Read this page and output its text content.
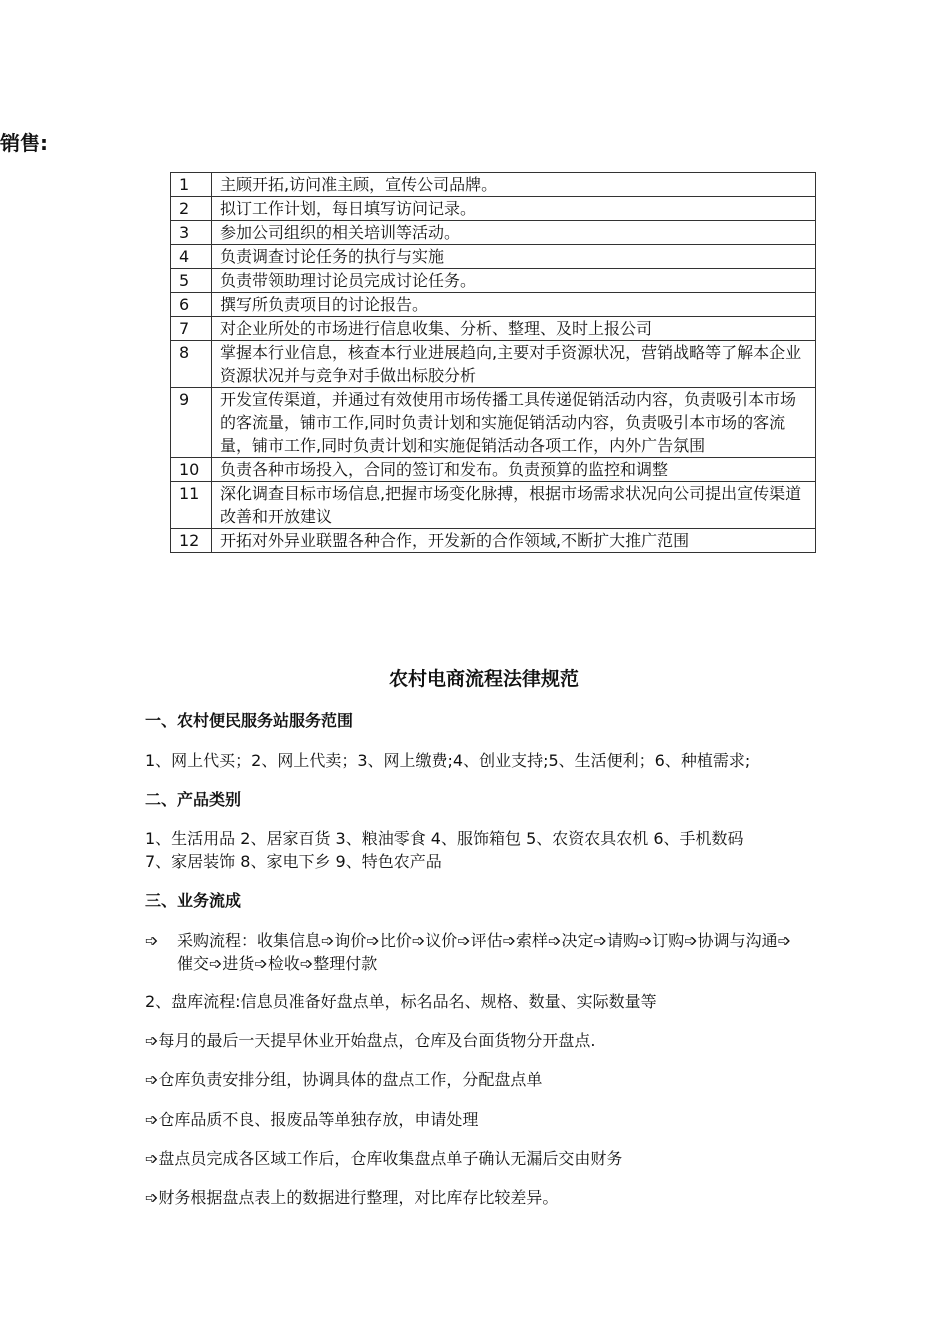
销售:
1	主顾开拓,访问准主顾，宣传公司品牌。
2	拟订工作计划，每日填写访问记录。
3	参加公司组织的相关培训等活动。
4	负责调查讨论任务的执行与实施
5	负责带领助理讨论员完成讨论任务。
6	撰写所负责项目的讨论报告。
7	对企业所处的市场进行信息收集、分析、整理、及时上报公司
8	掌握本行业信息，核查本行业进展趋向,主要对手资源状况，营销战略等了解本企业资源状况并与竞争对手做出标胶分析
9	开发宣传渠道，并通过有效使用市场传播工具传递促销活动内容，负责吸引本市场的客流量，铺市工作,同时负责计划和实施促销活动内容，负责吸引本市场的客流量，铺市工作,同时负责计划和实施促销活动各项工作，内外广告氛围
10	负责各种市场投入，合同的签订和发布。负责预算的监控和调整
11	深化调查目标市场信息,把握市场变化脉搏，根据市场需求状况向公司提出宣传渠道改善和开放建议
12	开拓对外异业联盟各种合作，开发新的合作领域,不断扩大推广范围
农村电商流程法律规范
一、农村便民服务站服务范围
1、网上代买；2、网上代卖；3、网上缴费;4、创业支持;5、生活便利；6、种植需求;
二、产品类别
1、生活用品 2、居家百货 3、粮油零食 4、服饰箱包 5、农资农具农机 6、手机数码
7、家居装饰 8、家电下乡 9、特色农产品
三、业务流成
➩	采购流程：收集信息➩询价➩比价➩议价➩评估➩索样➩决定➩请购➩订购➩协调与沟通➩催交➩进货➩检收➩整理付款
2、盘库流程:信息员准备好盘点单，标名品名、规格、数量、实际数量等
➩每月的最后一天提早休业开始盘点，仓库及台面货物分开盘点.
➩仓库负责安排分组，协调具体的盘点工作，分配盘点单
➩仓库品质不良、报废品等单独存放，申请处理
➩盘点员完成各区域工作后，仓库收集盘点单子确认无漏后交由财务
➩财务根据盘点表上的数据进行整理，对比库存比较差异。
